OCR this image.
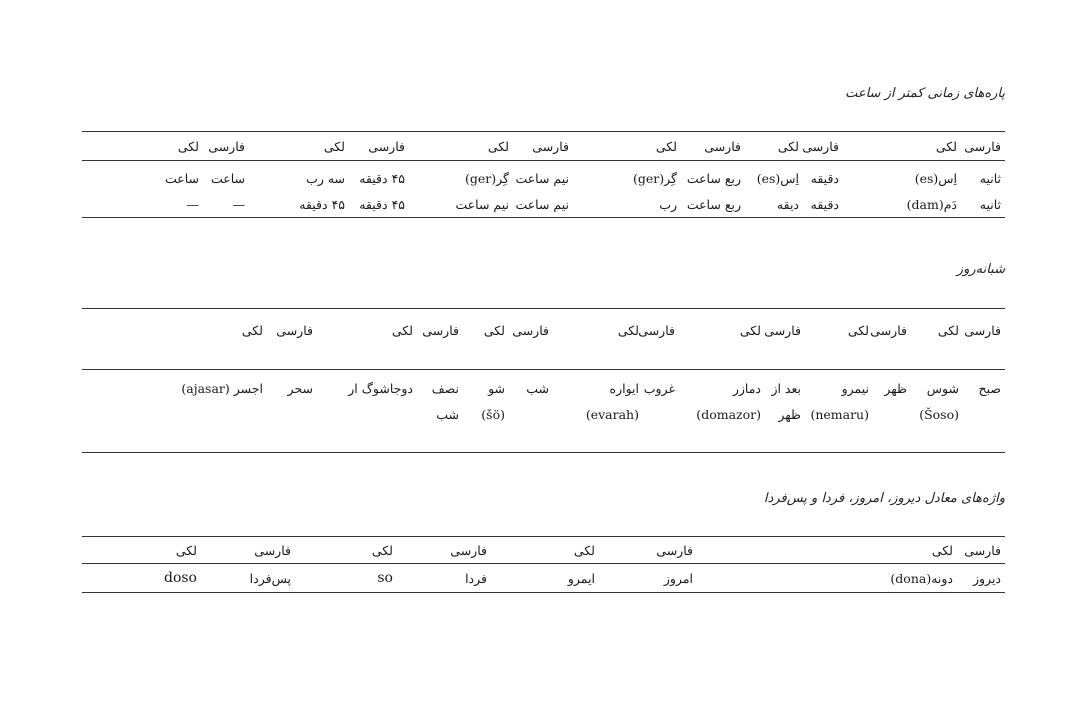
پاره‌های زمانی کمتر از ساعت
فارسی	لکی	فارسی	لکی	فارسی	لکی	فارسی	لکی	فارسی	لکی	فارسی	لکی
ثانیه	اِس(es)	دقیقه	اِس(es)	ربع ساعت	گِر(ger)	نیم ساعت	گِر(ger)	۴۵ دقیقه	سه رب	ساعت	ساعت
ثانیه	دَم(dam)	دقیقه	دیقه	ربع ساعت	رب	نیم ساعت	نیم ساعت	۴۵ دقیقه	۴۵ دقیقه	—	—
شبانه‌روز
فارسی	لکی	فارسی	لکی	فارسی	لکی	فارسی	لکی	فارسی	لکی	فارسی	لکی	فارسی	لکی
صبح	شوس (Šoso)	ظهر	نیمرو (nemaru)	بعد از ظهر	دمازر (domazor)	غروب	ایواره (evarah)	شب	شو (šö)	نصف شب	دوجاشوگ ار	سحر	اجسر (ajasar)
واژه‌های معادل دیروز، امروز، فردا و پس‌فردا
فارسی	لکی	فارسی	لکی	فارسی	لکی	فارسی	لکی
دیروز	دونه(dona)	امروز	ایمرو	فردا	so	پس‌فردا	doso
